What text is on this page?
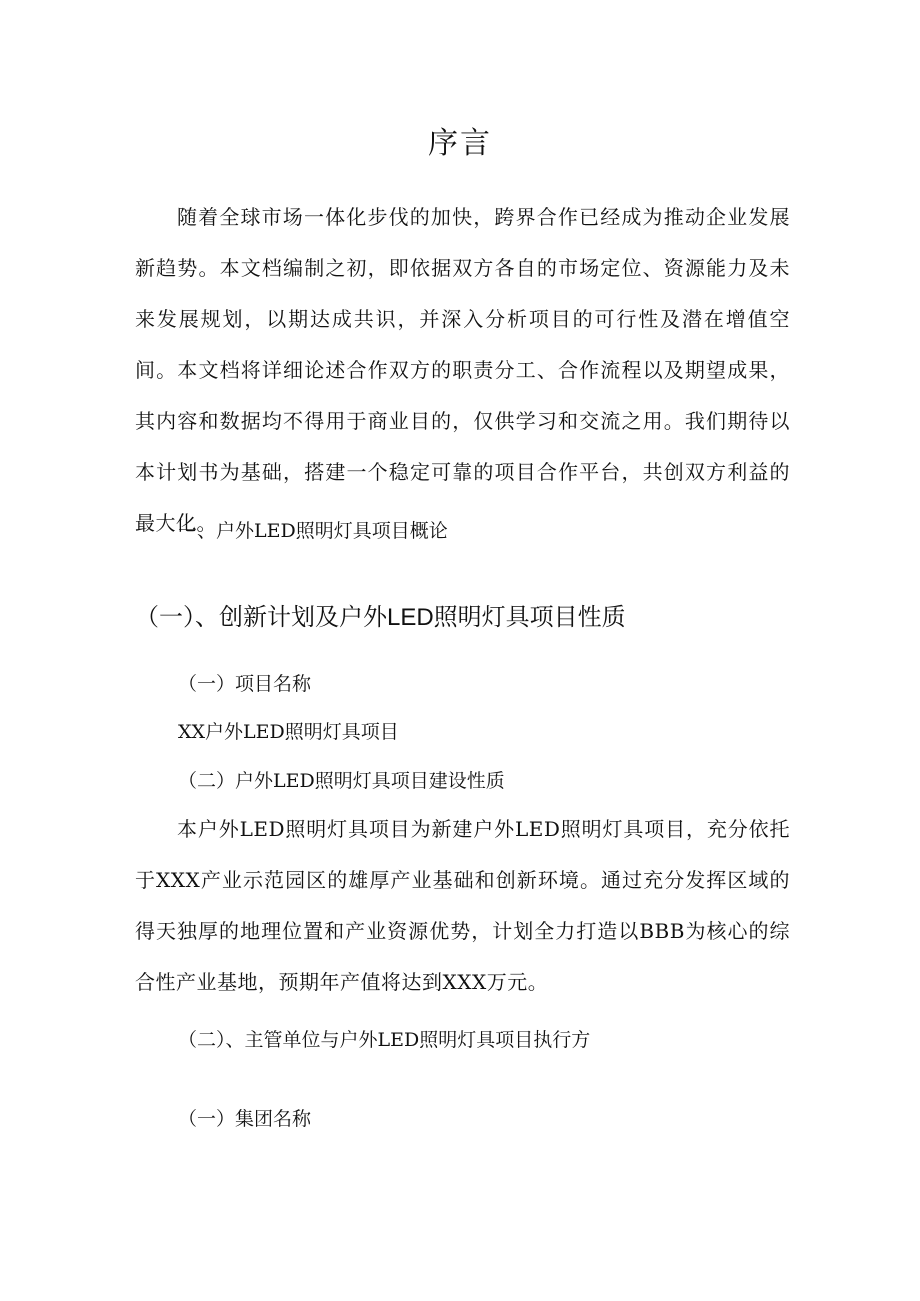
序言
随着全球市场一体化步伐的加快，跨界合作已经成为推动企业发展新趋势。本文档编制之初，即依据双方各自的市场定位、资源能力及未来发展规划，以期达成共识，并深入分析项目的可行性及潜在增值空间。本文档将详细论述合作双方的职责分工、合作流程以及期望成果，其内容和数据均不得用于商业目的，仅供学习和交流之用。我们期待以本计划书为基础，搭建一个稳定可靠的项目合作平台，共创双方利益的最大化。
一、户外LED照明灯具项目概论
（一）、创新计划及户外LED照明灯具项目性质
（一）项目名称
XX户外LED照明灯具项目
（二）户外LED照明灯具项目建设性质
本户外LED照明灯具项目为新建户外LED照明灯具项目，充分依托于XXX产业示范园区的雄厚产业基础和创新环境。通过充分发挥区域的得天独厚的地理位置和产业资源优势，计划全力打造以BBB为核心的综合性产业基地，预期年产值将达到XXX万元。
（二）、主管单位与户外LED照明灯具项目执行方
（一）集团名称
